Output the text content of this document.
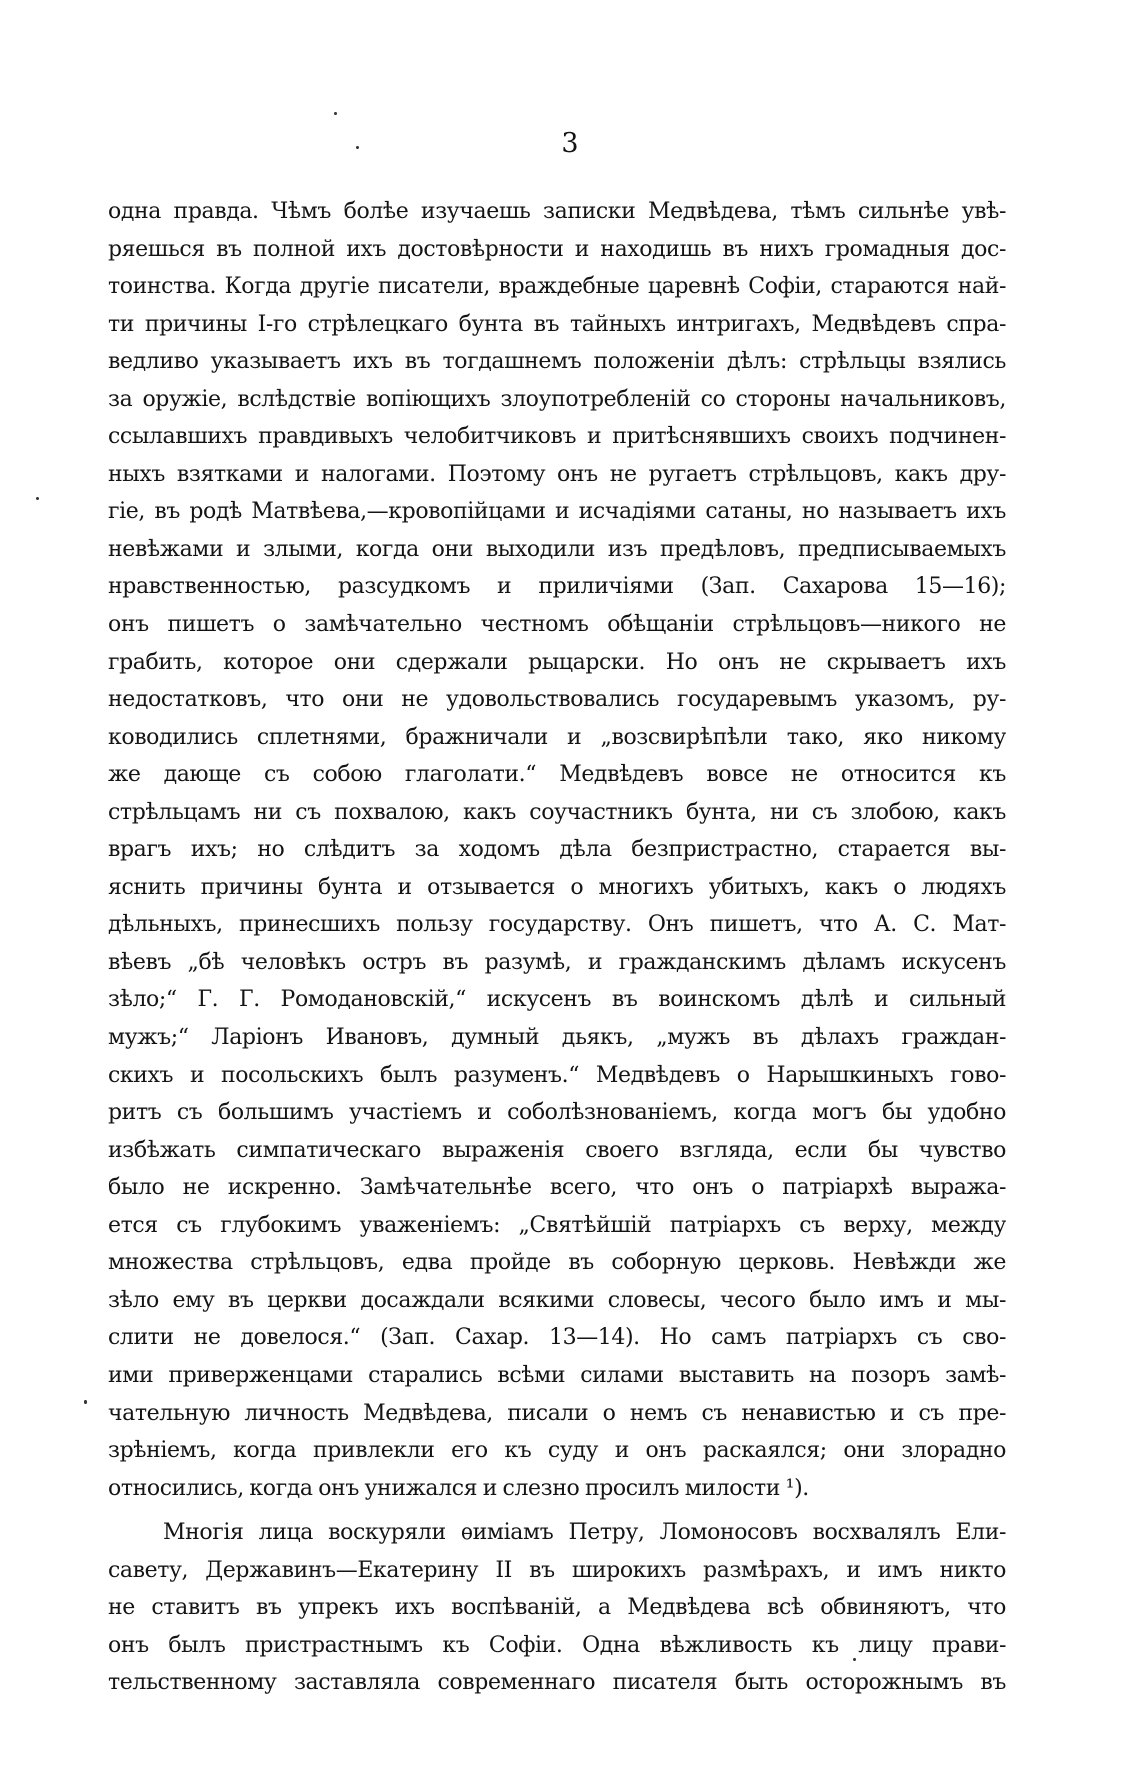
3
одна правда. Чѣмъ болѣе изучаешь записки Медвѣдева, тѣмъ сильнѣе увѣ-
ряешься въ полной ихъ достовѣрности и находишь въ нихъ громадныя дос-
тоинства. Когда другіе писатели, враждебные царевнѣ Софіи, стараются най-
ти причины I-го стрѣлецкаго бунта въ тайныхъ интригахъ, Медвѣдевъ спра-
ведливо указываетъ ихъ въ тогдашнемъ положеніи дѣлъ: стрѣльцы взялись
за оружіе, вслѣдствіе вопіющихъ злоупотребленій со стороны начальниковъ,
ссылавшихъ правдивыхъ челобитчиковъ и притѣснявшихъ своихъ подчинен-
ныхъ взятками и налогами. Поэтому онъ не ругаетъ стрѣльцовъ, какъ дру-
гіе, въ родѣ Матвѣева,—кровопійцами и исчадіями сатаны, но называетъ ихъ
невѣжами и злыми, когда они выходили изъ предѣловъ, предписываемыхъ
нравственностью, разсудкомъ и приличіями (Зап. Сахарова 15—16);
онъ пишетъ о замѣчательно честномъ обѣщаніи стрѣльцовъ—никого не
грабить, которое они сдержали рыцарски. Но онъ не скрываетъ ихъ
недостатковъ, что они не удовольствовались государевымъ указомъ, ру-
ководились сплетнями, бражничали и „возсвирѣпѣли тако, яко никому
же дающе съ собою глаголати.“ Медвѣдевъ вовсе не относится къ
стрѣльцамъ ни съ похвалою, какъ соучастникъ бунта, ни съ злобою, какъ
врагъ ихъ; но слѣдитъ за ходомъ дѣла безпристрастно, старается вы-
яснить причины бунта и отзывается о многихъ убитыхъ, какъ о людяхъ
дѣльныхъ, принесшихъ пользу государству. Онъ пишетъ, что А. С. Мат-
вѣевъ „бѣ человѣкъ остръ въ разумѣ, и гражданскимъ дѣламъ искусенъ
зѣло;“ Г. Г. Ромодановскій,“ искусенъ въ воинскомъ дѣлѣ и сильный
мужъ;“ Ларіонъ Ивановъ, думный дьякъ, „мужъ въ дѣлахъ граждан-
скихъ и посольскихъ былъ разуменъ.“ Медвѣдевъ о Нарышкиныхъ гово-
ритъ съ большимъ участіемъ и соболѣзнованіемъ, когда могъ бы удобно
избѣжать симпатическаго выраженія своего взгляда, если бы чувство
было не искренно. Замѣчательнѣе всего, что онъ о патріархѣ выража-
ется съ глубокимъ уваженіемъ: „Святѣйшій патріархъ съ верху, между
множества стрѣльцовъ, едва пройде въ соборную церковь. Невѣжди же
зѣло ему въ церкви досаждали всякими словесы, чесого было имъ и мы-
слити не довелося.“ (Зап. Сахар. 13—14). Но самъ патріархъ съ сво-
ими приверженцами старались всѣми силами выставить на позоръ замѣ-
чательную личность Медвѣдева, писали о немъ съ ненавистью и съ пре-
зрѣніемъ, когда привлекли его къ суду и онъ раскаялся; они злорадно
относились, когда онъ унижался и слезно просилъ милости ¹).
Многія лица воскуряли ѳиміамъ Петру, Ломоносовъ восхвалялъ Ели-
савету, Державинъ—Екатерину II въ широкихъ размѣрахъ, и имъ никто
не ставитъ въ упрекъ ихъ воспѣваній, а Медвѣдева всѣ обвиняютъ, что
онъ былъ пристрастнымъ къ Софіи. Одна вѣжливость къ лицу прави-
тельственному заставляла современнаго писателя быть осторожнымъ въ
